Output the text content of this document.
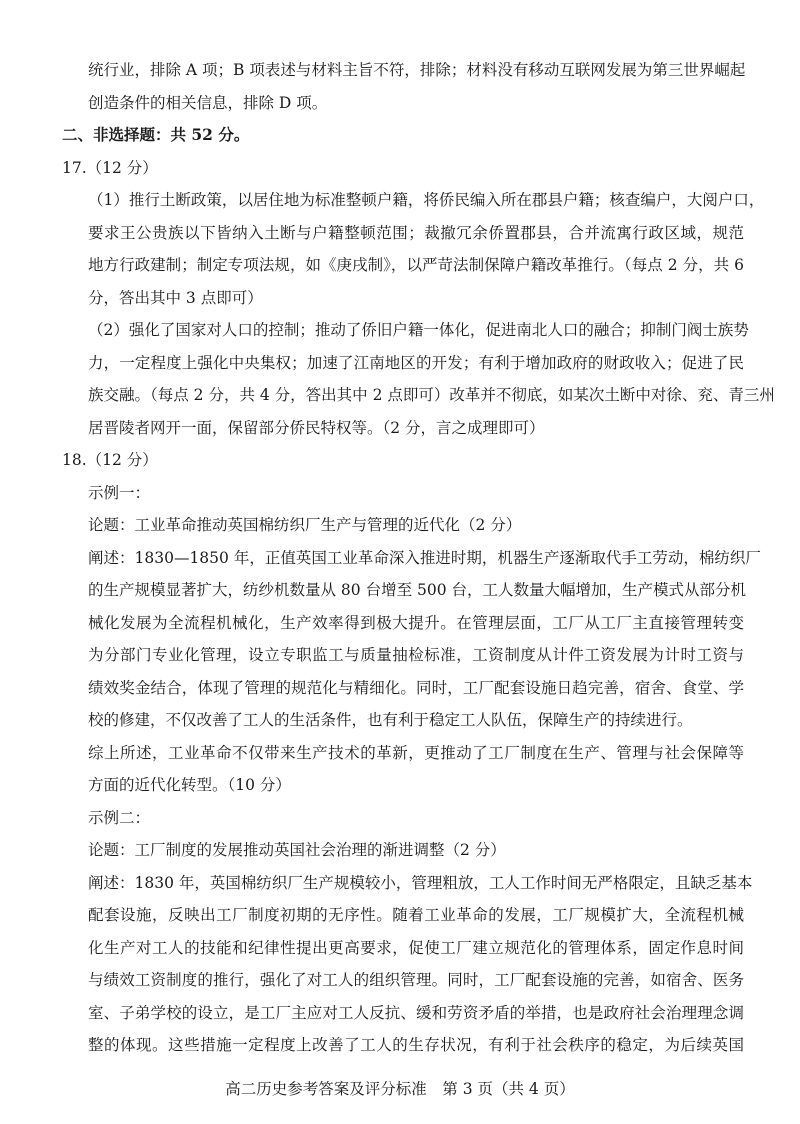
统行业，排除 A 项；B 项表述与材料主旨不符，排除；材料没有移动互联网发展为第三世界崛起
创造条件的相关信息，排除 D 项。
二、非选择题：共 52 分。
17.（12 分）
（1）推行土断政策，以居住地为标准整顿户籍，将侨民编入所在郡县户籍；核查编户，大阅户口，
要求王公贵族以下皆纳入土断与户籍整顿范围；裁撤冗余侨置郡县，合并流寓行政区域，规范
地方行政建制；制定专项法规，如《庚戌制》，以严苛法制保障户籍改革推行。（每点 2 分，共 6
分，答出其中 3 点即可）
（2）强化了国家对人口的控制；推动了侨旧户籍一体化，促进南北人口的融合；抑制门阀士族势
力，一定程度上强化中央集权；加速了江南地区的开发；有利于增加政府的财政收入；促进了民
族交融。（每点 2 分，共 4 分，答出其中 2 点即可）改革并不彻底，如某次土断中对徐、兖、青三州
居晋陵者网开一面，保留部分侨民特权等。（2 分，言之成理即可）
18.（12 分）
示例一：
论题：工业革命推动英国棉纺织厂生产与管理的近代化（2 分）
阐述：1830—1850 年，正值英国工业革命深入推进时期，机器生产逐渐取代手工劳动，棉纺织厂
的生产规模显著扩大，纺纱机数量从 80 台增至 500 台，工人数量大幅增加，生产模式从部分机
械化发展为全流程机械化，生产效率得到极大提升。在管理层面，工厂从工厂主直接管理转变
为分部门专业化管理，设立专职监工与质量抽检标准，工资制度从计件工资发展为计时工资与
绩效奖金结合，体现了管理的规范化与精细化。同时，工厂配套设施日趋完善，宿舍、食堂、学
校的修建，不仅改善了工人的生活条件，也有利于稳定工人队伍，保障生产的持续进行。
综上所述，工业革命不仅带来生产技术的革新，更推动了工厂制度在生产、管理与社会保障等
方面的近代化转型。（10 分）
示例二：
论题：工厂制度的发展推动英国社会治理的渐进调整（2 分）
阐述：1830 年，英国棉纺织厂生产规模较小，管理粗放，工人工作时间无严格限定，且缺乏基本
配套设施，反映出工厂制度初期的无序性。随着工业革命的发展，工厂规模扩大，全流程机械
化生产对工人的技能和纪律性提出更高要求，促使工厂建立规范化的管理体系，固定作息时间
与绩效工资制度的推行，强化了对工人的组织管理。同时，工厂配套设施的完善，如宿舍、医务
室、子弟学校的设立，是工厂主应对工人反抗、缓和劳资矛盾的举措，也是政府社会治理理念调
整的体现。这些措施一定程度上改善了工人的生存状况，有利于社会秩序的稳定，为后续英国
高二历史参考答案及评分标准　第 3 页（共 4 页）
